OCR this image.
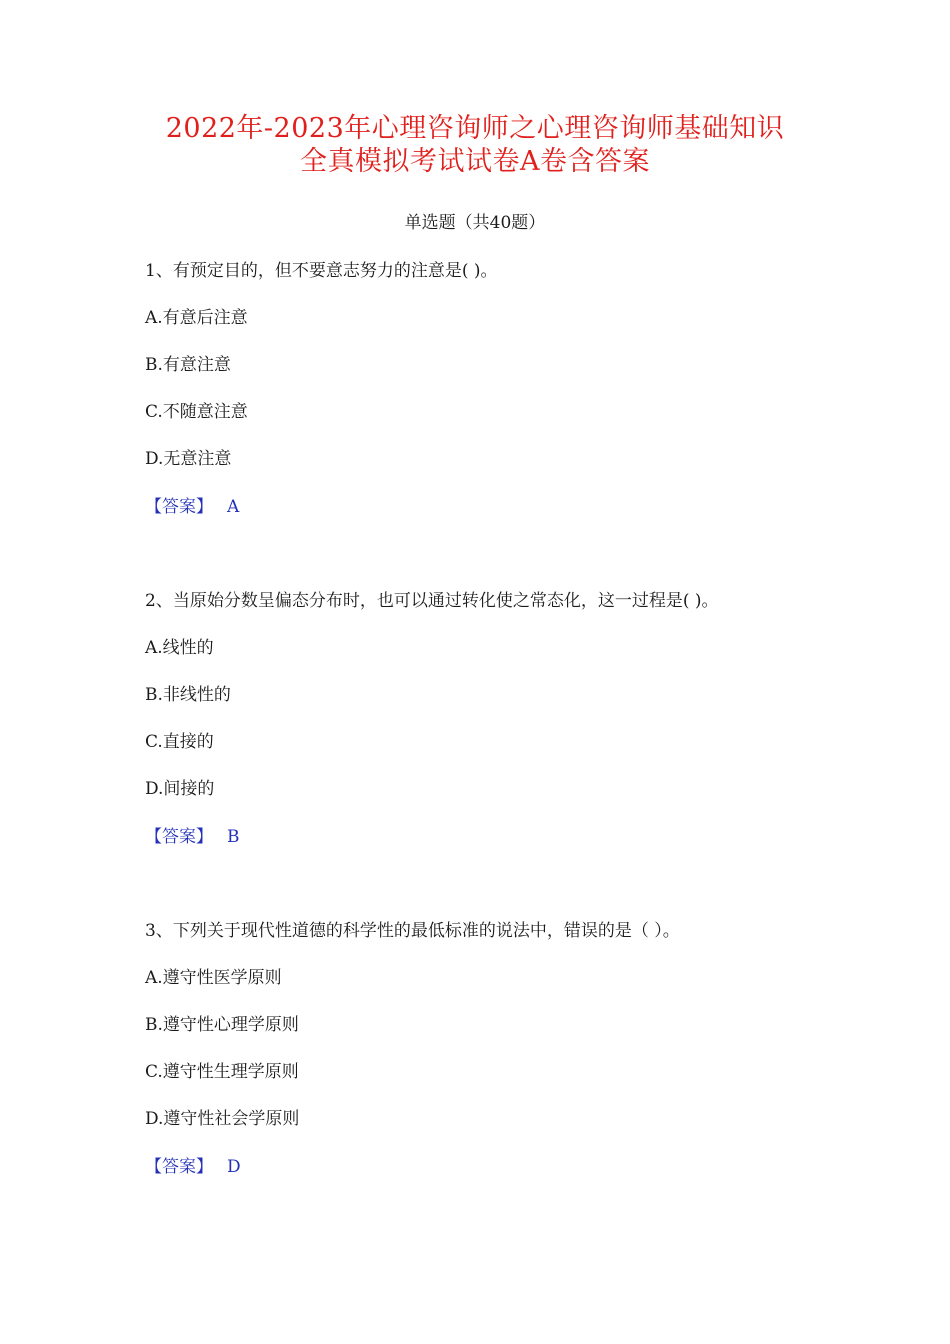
2022年-2023年心理咨询师之心理咨询师基础知识
全真模拟考试试卷A卷含答案
单选题（共40题）
1、有预定目的，但不要意志努力的注意是( )。
A.有意后注意
B.有意注意
C.不随意注意
D.无意注意
【答案】 A
2、当原始分数呈偏态分布时，也可以通过转化使之常态化，这一过程是( )。
A.线性的
B.非线性的
C.直接的
D.间接的
【答案】 B
3、下列关于现代性道德的科学性的最低标准的说法中，错误的是（ ）。
A.遵守性医学原则
B.遵守性心理学原则
C.遵守性生理学原则
D.遵守性社会学原则
【答案】 D
